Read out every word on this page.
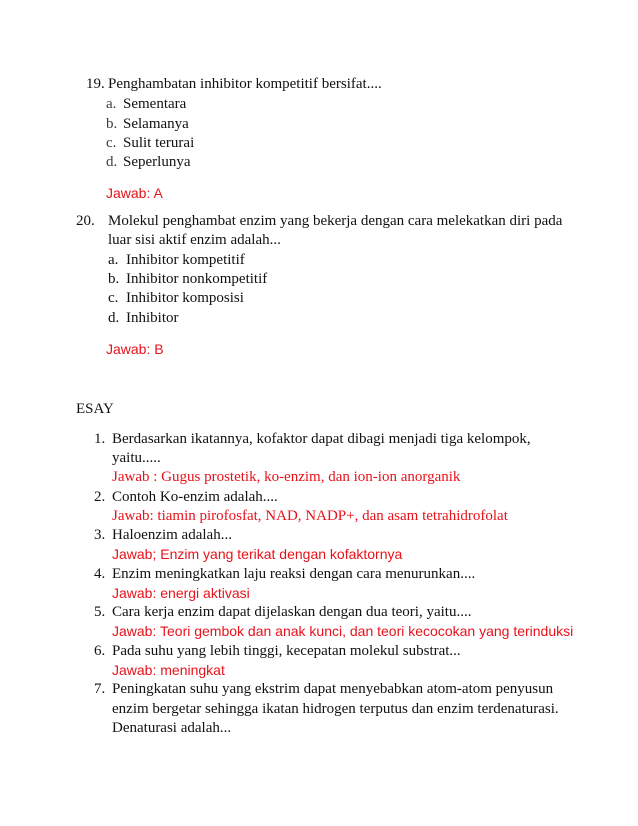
19. Penghambatan inhibitor kompetitif bersifat....
a. Sementara
b. Selamanya
c. Sulit terurai
d. Seperlunya
Jawab: A
20. Molekul penghambat enzim yang bekerja dengan cara melekatkan diri pada
luar sisi aktif enzim adalah...
a. Inhibitor kompetitif
b. Inhibitor nonkompetitif
c. Inhibitor komposisi
d. Inhibitor
Jawab: B
ESAY
1. Berdasarkan ikatannya, kofaktor dapat dibagi menjadi tiga kelompok,
yaitu.....
Jawab : Gugus prostetik, ko-enzim, dan ion-ion anorganik
2. Contoh Ko-enzim adalah....
Jawab: tiamin pirofosfat, NAD, NADP+, dan asam tetrahidrofolat
3. Haloenzim adalah...
Jawab; Enzim yang terikat dengan kofaktornya
4. Enzim meningkatkan laju reaksi dengan cara menurunkan....
Jawab: energi aktivasi
5. Cara kerja enzim dapat dijelaskan dengan dua teori, yaitu....
Jawab: Teori gembok dan anak kunci, dan teori kecocokan yang terinduksi
6. Pada suhu yang lebih tinggi, kecepatan molekul substrat...
Jawab: meningkat
7. Peningkatan suhu yang ekstrim dapat menyebabkan atom-atom penyusun
enzim bergetar sehingga ikatan hidrogen terputus dan enzim terdenaturasi.
Denaturasi adalah...
